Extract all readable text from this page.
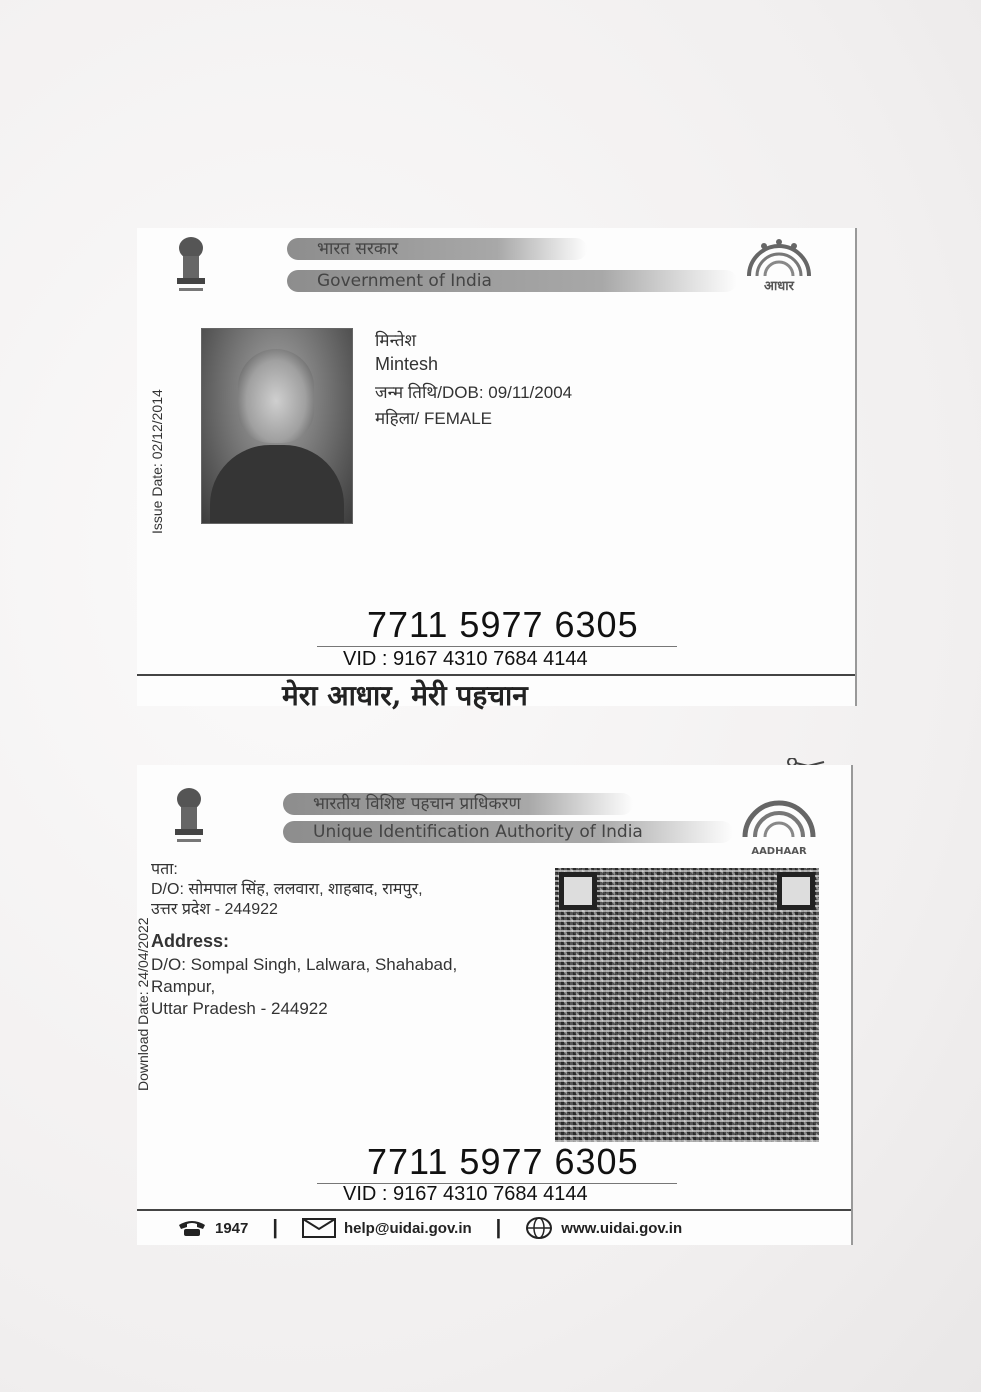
भारत सरकार
Government of India	आधार
Issue Date: 02/12/2014
मिन्तेश
Mintesh
जन्म तिथि/DOB: 09/11/2004
महिला/ FEMALE
7711 5977 6305
VID : 9167 4310 7684 4144
मेरा आधार, मेरी पहचान
भारतीय विशिष्ट पहचान प्राधिकरण
Unique Identification Authority of India
AADHAAR
Download Date: 24/04/2022
पता:
D/O: सोमपाल सिंह, ललवारा, शाहबाद, रामपुर,
उत्तर प्रदेश - 244922
Address:
D/O: Sompal Singh, Lalwara, Shahabad,
Rampur,
Uttar Pradesh - 244922
7711 5977 6305
VID : 9167 4310 7684 4144
1947 |	help@uidai.gov.in |	www.uidai.gov.in
